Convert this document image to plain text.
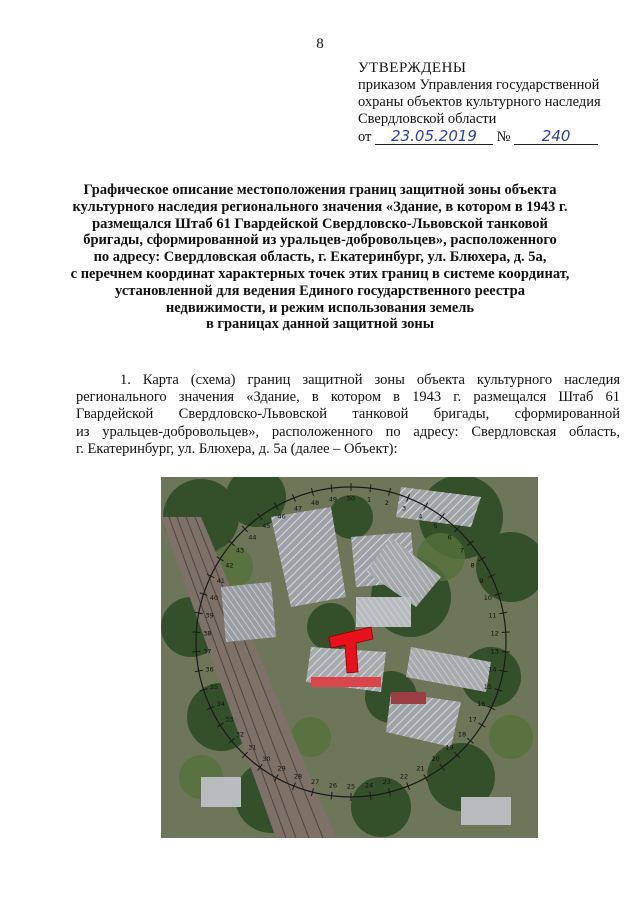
8
УТВЕРЖДЕНЫ
приказом Управления государственной
охраны объектов культурного наследия
Свердловской области
от 23.05.2019 № 240
Графическое описание местоположения границ защитной зоны объекта
культурного наследия регионального значения «Здание, в котором в 1943 г.
размещался Штаб 61 Гвардейской Свердловско-Львовской танковой
бригады, сформированной из уральцев-добровольцев», расположенного
по адресу: Свердловская область, г. Екатеринбург, ул. Блюхера, д. 5а,
с перечнем координат характерных точек этих границ в системе координат,
установленной для ведения Единого государственного реестра
недвижимости, и режим использования земель
в границах данной защитной зоны
1. Карта (схема) границ защитной зоны объекта культурного наследия
регионального значения «Здание, в котором в 1943 г. размещался Штаб 61
Гвардейской Свердловско-Львовской танковой бригады, сформированной
из уральцев-добровольцев», расположенного по адресу: Свердловская область,
г. Екатеринбург, ул. Блюхера, д. 5а (далее – Объект):
50 1 2
3
4
5
6
7
8
9
10
11
12
13
14
15
16
17
18
19
20
21
22
23
24
25
26
27
28
29
30
31
32
33
34
35
36
37
38
39
40
41
42
43
44
45
46
47
48 49
